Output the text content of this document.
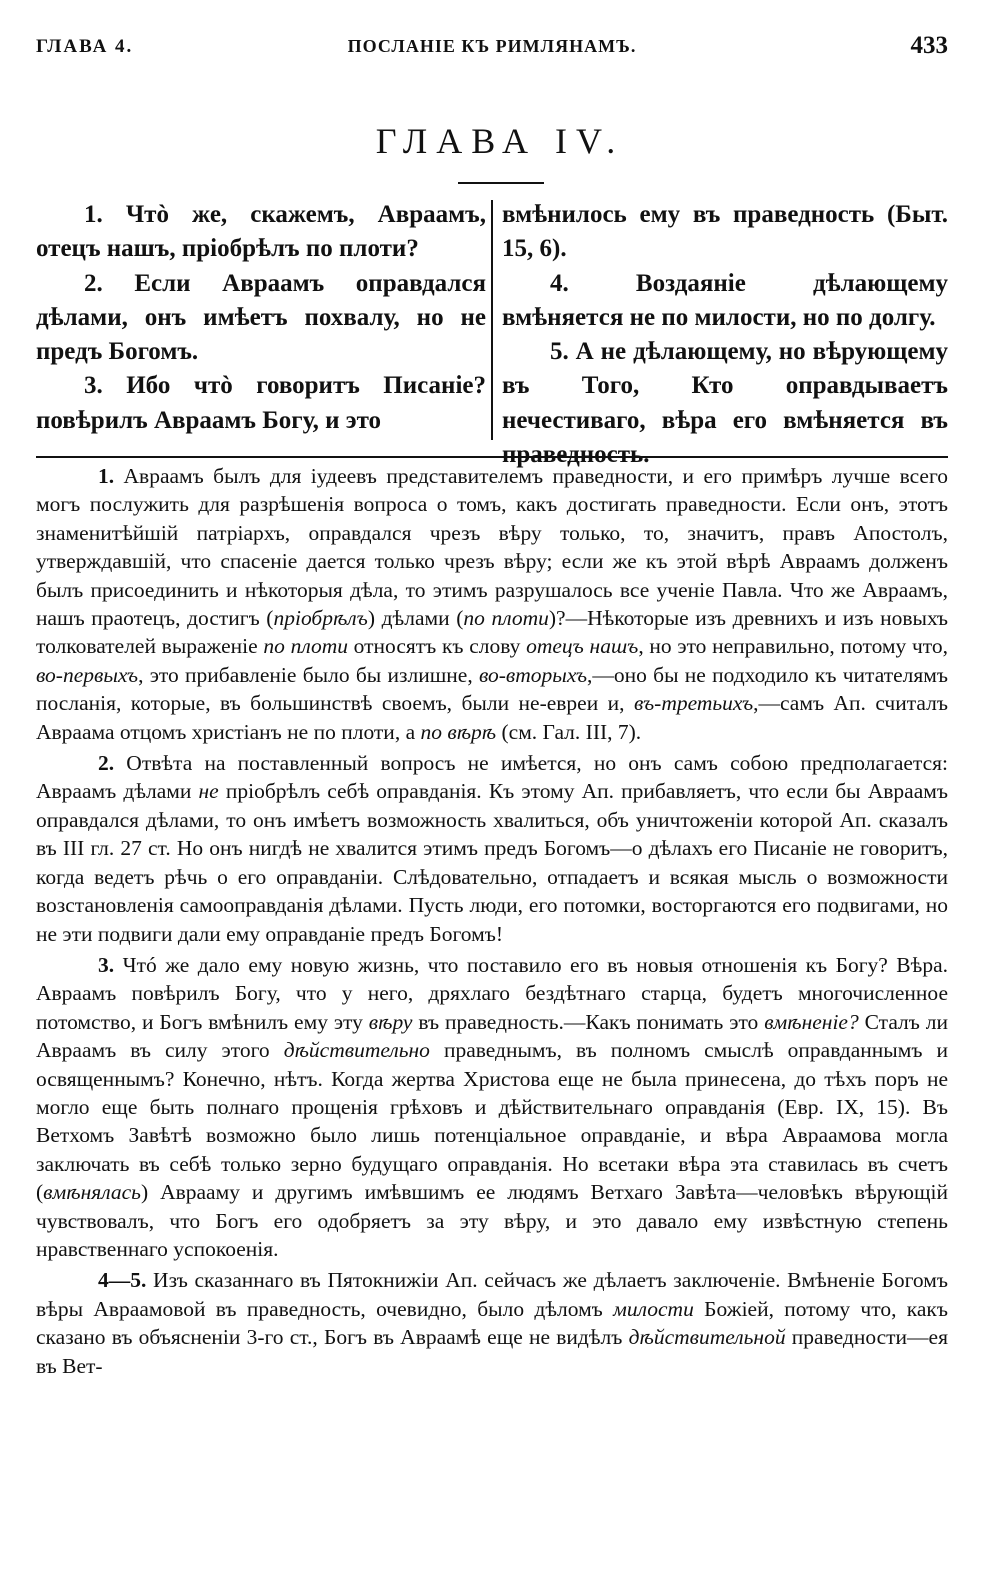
ГЛАВА 4.	ПОСЛАНІЕ КЪ РИМЛЯНАМЪ.	433
ГЛАВА IV.

1. Чтò же, скажемъ, Авраамъ, отецъ нашъ, пріобрѣлъ по плоти?

2. Если Авраамъ оправдался дѣлами, онъ имѣетъ похвалу, но не предъ Богомъ.

3. Ибо чтò говоритъ Писаніе? повѣрилъ Авраамъ Богу, и это

вмѣнилось ему въ праведность (Быт. 15, 6).

4. Воздаяніе дѣлающему вмѣняется не по милости, но по долгу.

5. А не дѣлающему, но вѣрующему въ Того, Кто оправдываетъ нечестиваго, вѣра его вмѣняется въ праведность.

1. Авраамъ былъ для іудеевъ представителемъ праведности, и его примѣръ лучше всего могъ послужить для разрѣшенія вопроса о томъ, какъ достигать праведности. Если онъ, этотъ знаменитѣйшій патріархъ, оправдался чрезъ вѣру только, то, значитъ, правъ Апостолъ, утверждавшій, что спасеніе дается только чрезъ вѣру; если же къ этой вѣрѣ Авраамъ долженъ былъ присоединить и нѣкоторыя дѣла, то этимъ разрушалось все ученіе Павла. Что же Авраамъ, нашъ праотецъ, достигъ (пріобрѣлъ) дѣлами (по плоти)?—Нѣкоторые изъ древнихъ и изъ новыхъ толкователей выраженіе по плоти относятъ къ слову отецъ нашъ, но это неправильно, потому что, во-первыхъ, это прибавленіе было бы излишне, во-вторыхъ,—оно бы не подходило къ читателямъ посланія, которые, въ большинствѣ своемъ, были не-евреи и, въ-третьихъ,—самъ Ап. считалъ Авраама отцомъ христіанъ не по плоти, а по вѣрѣ (см. Гал. III, 7).

2. Отвѣта на поставленный вопросъ не имѣется, но онъ самъ собою предполагается: Авраамъ дѣлами не пріобрѣлъ себѣ оправданія. Къ этому Ап. прибавляетъ, что если бы Авраамъ оправдался дѣлами, то онъ имѣетъ возможность хвалиться, объ уничтоженіи которой Ап. сказалъ въ III гл. 27 ст. Но онъ нигдѣ не хвалится этимъ предъ Богомъ—о дѣлахъ его Писаніе не говоритъ, когда ведетъ рѣчь о его оправданіи. Слѣдовательно, отпадаетъ и всякая мысль о возможности возстановленія самооправданія дѣлами. Пусть люди, его потомки, восторгаются его подвигами, но не эти подвиги дали ему оправданіе предъ Богомъ!

3. Чтó же дало ему новую жизнь, что поставило его въ новыя отношенія къ Богу? Вѣра. Авраамъ повѣрилъ Богу, что у него, дряхлаго бездѣтнаго старца, будетъ многочисленное потомство, и Богъ вмѣнилъ ему эту вѣру въ праведность.—Какъ понимать это вмѣненіе? Сталъ ли Авраамъ въ силу этого дѣйствительно праведнымъ, въ полномъ смыслѣ оправданнымъ и освященнымъ? Конечно, нѣтъ. Когда жертва Христова еще не была принесена, до тѣхъ поръ не могло еще быть полнаго прощенія грѣховъ и дѣйствительнаго оправданія (Евр. IX, 15). Въ Ветхомъ Завѣтѣ возможно было лишь потенціальное оправданіе, и вѣра Авраамова могла заключать въ себѣ только зерно будущаго оправданія. Но всетаки вѣра эта ставилась въ счетъ (вмѣнялась) Аврааму и другимъ имѣвшимъ ее людямъ Ветхаго Завѣта—человѣкъ вѣрующій чувствовалъ, что Богъ его одобряетъ за эту вѣру, и это давало ему извѣстную степень нравственнаго успокоенія.

4—5. Изъ сказаннаго въ Пятокнижіи Ап. сейчасъ же дѣлаетъ заключеніе. Вмѣненіе Богомъ вѣры Авраамовой въ праведность, очевидно, было дѣломъ милости Божіей, потому что, какъ сказано въ объясненіи 3-го ст., Богъ въ Авраамѣ еще не видѣлъ дѣйствительной праведности—ея въ Вет-
